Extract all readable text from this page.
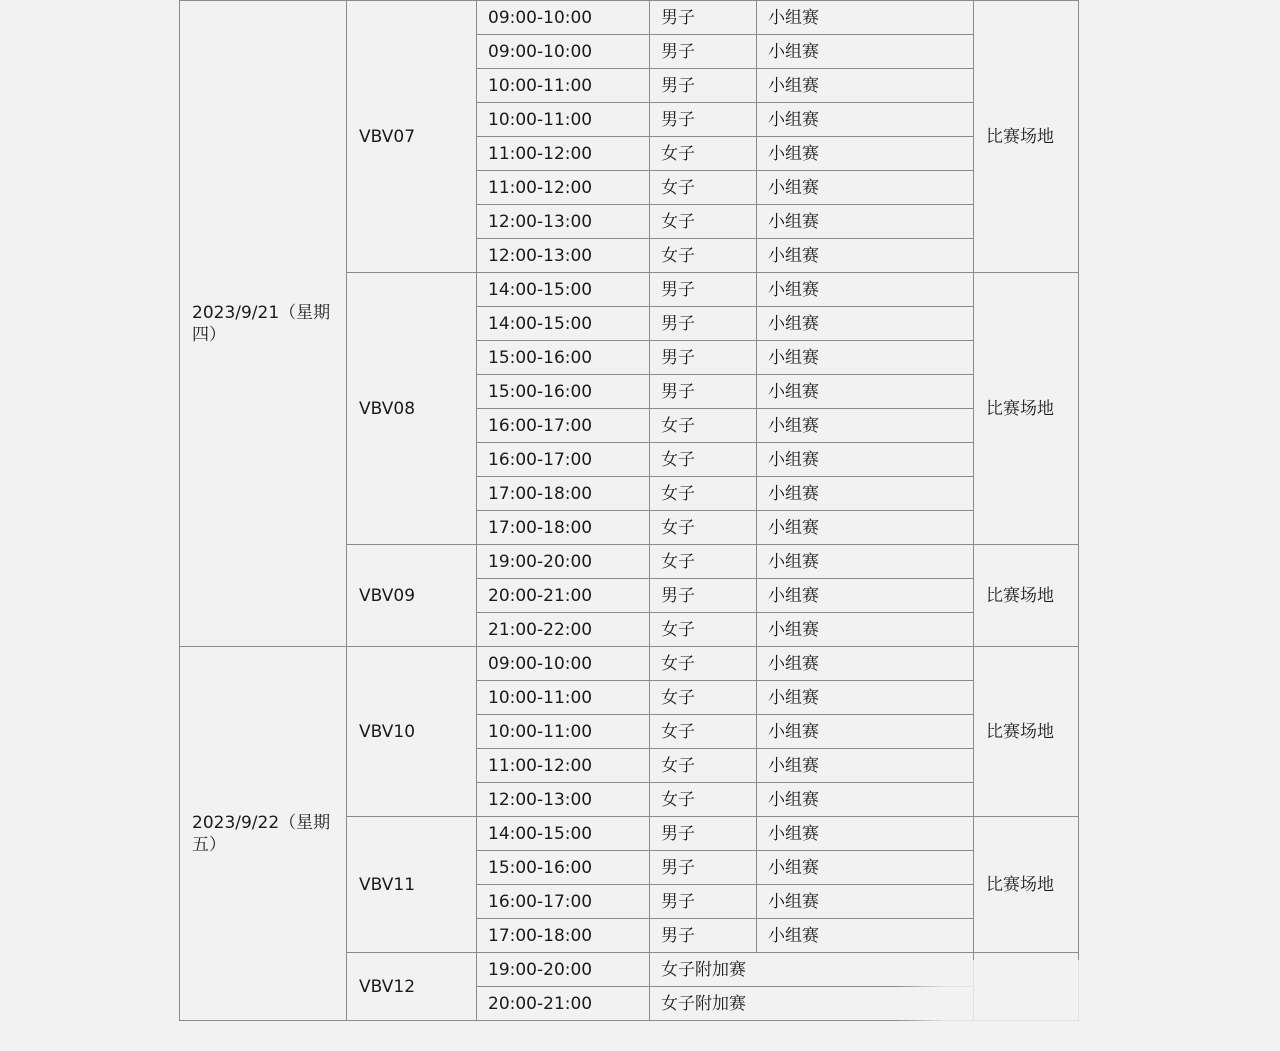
2023/9/21（星期四）	VBV07	09:00-10:00	男子	小组赛	比赛场地
		09:00-10:00	男子	小组赛	
		10:00-11:00	男子	小组赛	
		10:00-11:00	男子	小组赛	
		11:00-12:00	女子	小组赛	
		11:00-12:00	女子	小组赛	
		12:00-13:00	女子	小组赛	
		12:00-13:00	女子	小组赛	
	VBV08	14:00-15:00	男子	小组赛	比赛场地
		14:00-15:00	男子	小组赛	
		15:00-16:00	男子	小组赛	
		15:00-16:00	男子	小组赛	
		16:00-17:00	女子	小组赛	
		16:00-17:00	女子	小组赛	
		17:00-18:00	女子	小组赛	
		17:00-18:00	女子	小组赛	
	VBV09	19:00-20:00	女子	小组赛	比赛场地
		20:00-21:00	男子	小组赛	
		21:00-22:00	女子	小组赛	
2023/9/22（星期五）	VBV10	09:00-10:00	女子	小组赛	比赛场地
		10:00-11:00	女子	小组赛	
		10:00-11:00	女子	小组赛	
		11:00-12:00	女子	小组赛	
		12:00-13:00	女子	小组赛	
	VBV11	14:00-15:00	男子	小组赛	比赛场地
		15:00-16:00	男子	小组赛	
		16:00-17:00	男子	小组赛	
		17:00-18:00	男子	小组赛	
	VBV12	19:00-20:00	女子附加赛		
		20:00-21:00	女子附加赛		
